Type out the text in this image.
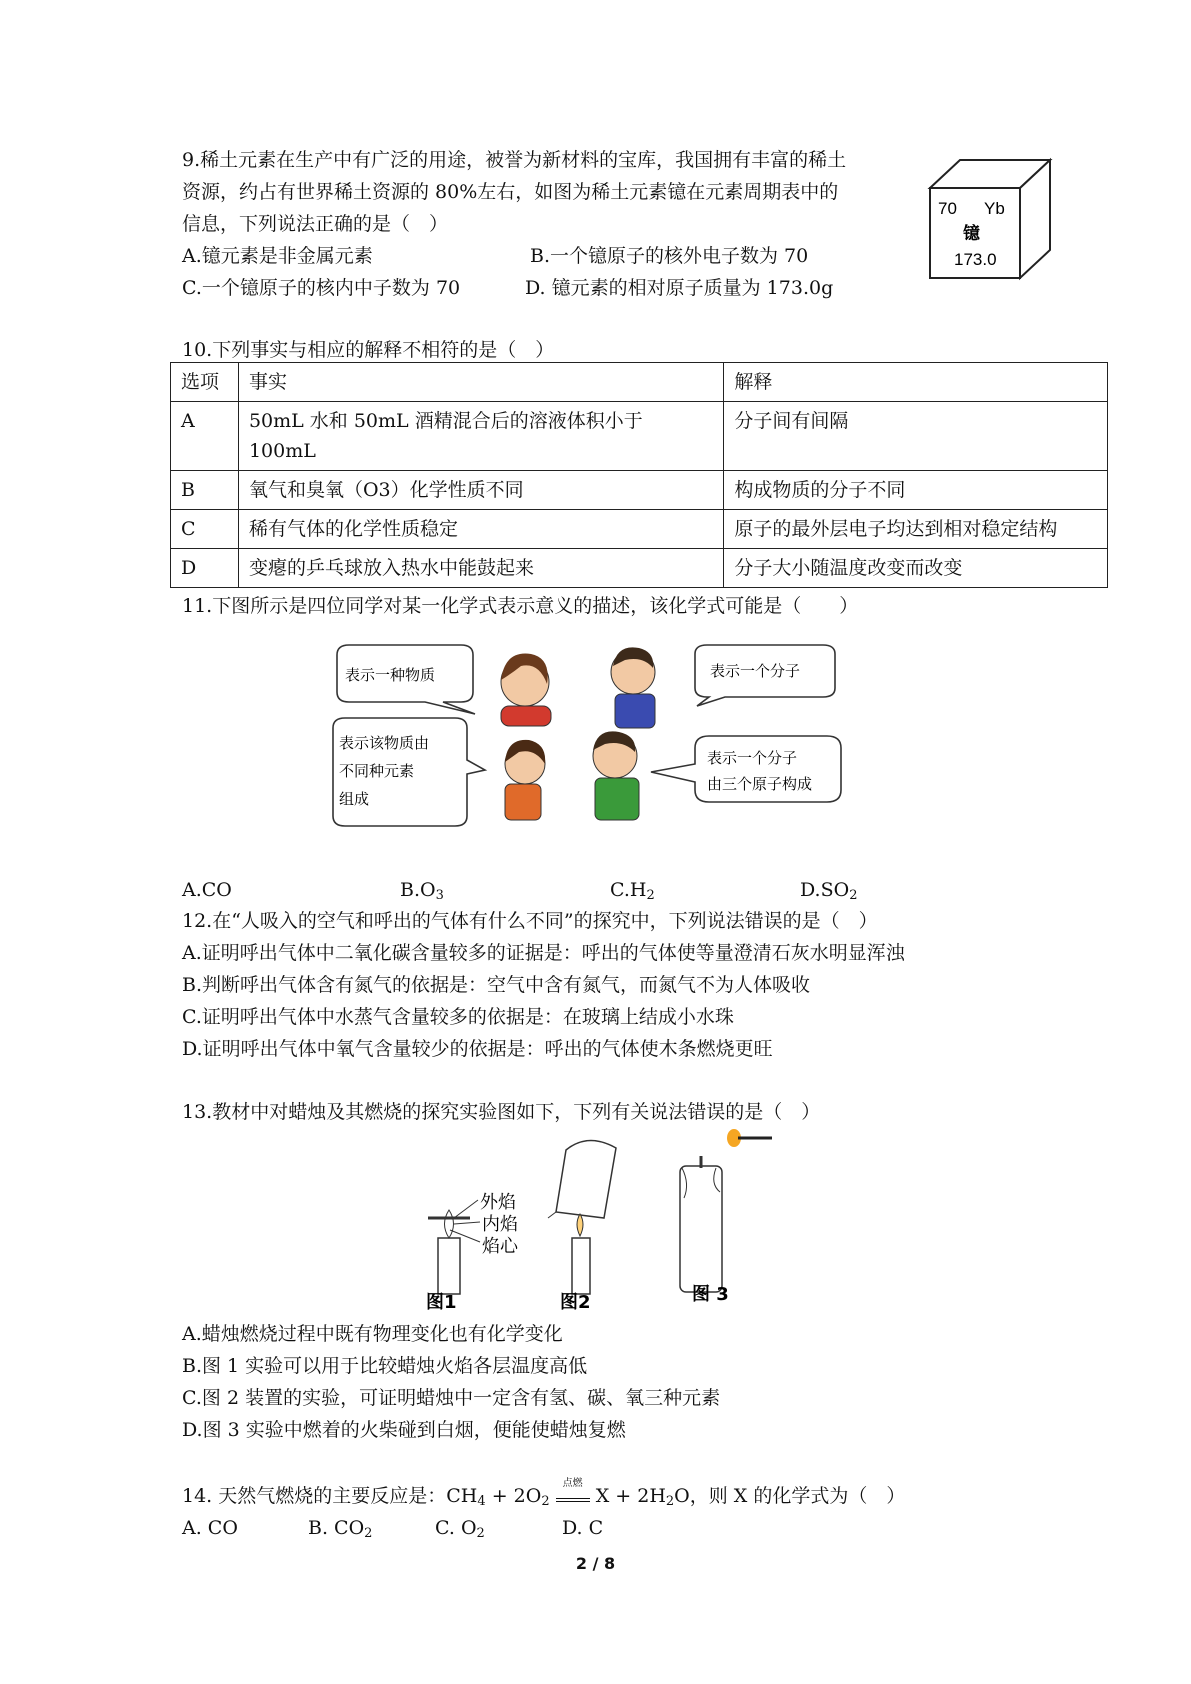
9.稀土元素在生产中有广泛的用途，被誉为新材料的宝库，我国拥有丰富的稀土
资源，约占有世界稀土资源的 80%左右，如图为稀土元素镱在元素周期表中的
信息，下列说法正确的是（　）
A.镱元素是非金属元素	B.一个镱原子的核外电子数为 70
C.一个镱原子的核内中子数为 70	D. 镱元素的相对原子质量为 173.0g
70 Yb
镱
173.0
10.下列事实与相应的解释不相符的是（　）
选项	事实	解释
A	50mL 水和 50mL 酒精混合后的溶液体积小于 100mL	分子间有间隔
B	氧气和臭氧（O3）化学性质不同	构成物质的分子不同
C	稀有气体的化学性质稳定	原子的最外层电子均达到相对稳定结构
D	变瘪的乒乓球放入热水中能鼓起来	分子大小随温度改变而改变
11.下图所示是四位同学对某一化学式表示意义的描述，该化学式可能是（　　）
表示一种物质	表示一个分子
表示该物质由
不同种元素
组成
表示一个分子
由三个原子构成
A.CO	$B.O_3$	$C.H_2$	$D.SO_2$
12.在“人吸入的空气和呼出的气体有什么不同”的探究中，下列说法错误的是（　）
A.证明呼出气体中二氧化碳含量较多的证据是：呼出的气体使等量澄清石灰水明显浑浊
B.判断呼出气体含有氮气的依据是：空气中含有氮气，而氮气不为人体吸收
C.证明呼出气体中水蒸气含量较多的依据是：在玻璃上结成小水珠
D.证明呼出气体中氧气含量较少的依据是：呼出的气体使木条燃烧更旺
13.教材中对蜡烛及其燃烧的探究实验图如下，下列有关说法错误的是（　）
外焰
内焰
焰心
图1	图2	图 3
A.蜡烛燃烧过程中既有物理变化也有化学变化
B.图 1 实验可以用于比较蜡烛火焰各层温度高低
C.图 2 装置的实验，可证明蜡烛中一定含有氢、碳、氧三种元素
D.图 3 实验中燃着的火柴碰到白烟，便能使蜡烛复燃
14. 天然气燃烧的主要反应是：$CH_4 + 2O_2$
点燃
$X + 2H_2O$，则 X 的化学式为（　）
A. CO	B. $CO_2$	C. $O_2$	D. C
2 / 8
